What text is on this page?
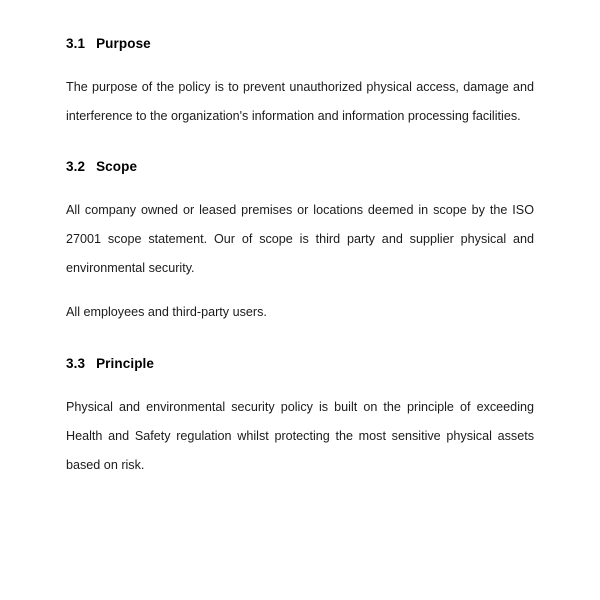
3.1 Purpose

The purpose of the policy is to prevent unauthorized physical access, damage and interference to the organization's information and information processing facilities.

3.2 Scope

All company owned or leased premises or locations deemed in scope by the ISO 27001 scope statement. Our of scope is third party and supplier physical and environmental security.

All employees and third-party users.

3.3 Principle

Physical and environmental security policy is built on the principle of exceeding Health and Safety regulation whilst protecting the most sensitive physical assets based on risk.
